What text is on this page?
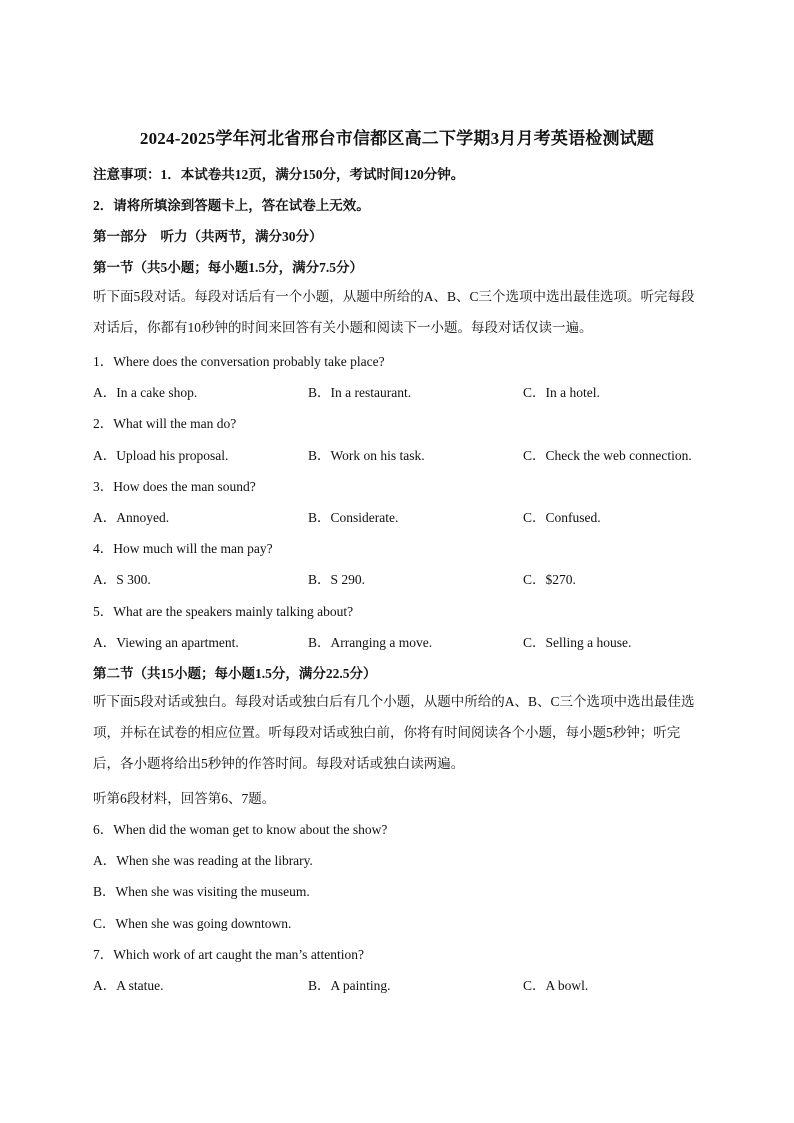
2024-2025学年河北省邢台市信都区高二下学期3月月考英语检测试题
注意事项：1．本试卷共12页，满分150分，考试时间120分钟。
2．请将所填涂到答题卡上，答在试卷上无效。
第一部分　听力（共两节，满分30分）
第一节（共5小题；每小题1.5分，满分7.5分）
听下面5段对话。每段对话后有一个小题，从题中所给的A、B、C三个选项中选出最佳选项。听完每段对话后，你都有10秒钟的时间来回答有关小题和阅读下一小题。每段对话仅读一遍。
1．Where does the conversation probably take place?
A．In a cake shop.	B．In a restaurant.	C．In a hotel.
2．What will the man do?
A．Upload his proposal.	B．Work on his task.	C．Check the web connection.
3．How does the man sound?
A．Annoyed.	B．Considerate.	C．Confused.
4．How much will the man pay?
A．S 300.	B．S 290.	C．$270.
5．What are the speakers mainly talking about?
A．Viewing an apartment.	B．Arranging a move.	C．Selling a house.
第二节（共15小题；每小题1.5分，满分22.5分）
听下面5段对话或独白。每段对话或独白后有几个小题，从题中所给的A、B、C三个选项中选出最佳选项，并标在试卷的相应位置。听每段对话或独白前，你将有时间阅读各个小题，每小题5秒钟；听完后，各小题将给出5秒钟的作答时间。每段对话或独白读两遍。
听第6段材料，回答第6、7题。
6．When did the woman get to know about the show?
A．When she was reading at the library.
B．When she was visiting the museum.
C．When she was going downtown.
7．Which work of art caught the man’s attention?
A．A statue.	B．A painting.	C．A bowl.
